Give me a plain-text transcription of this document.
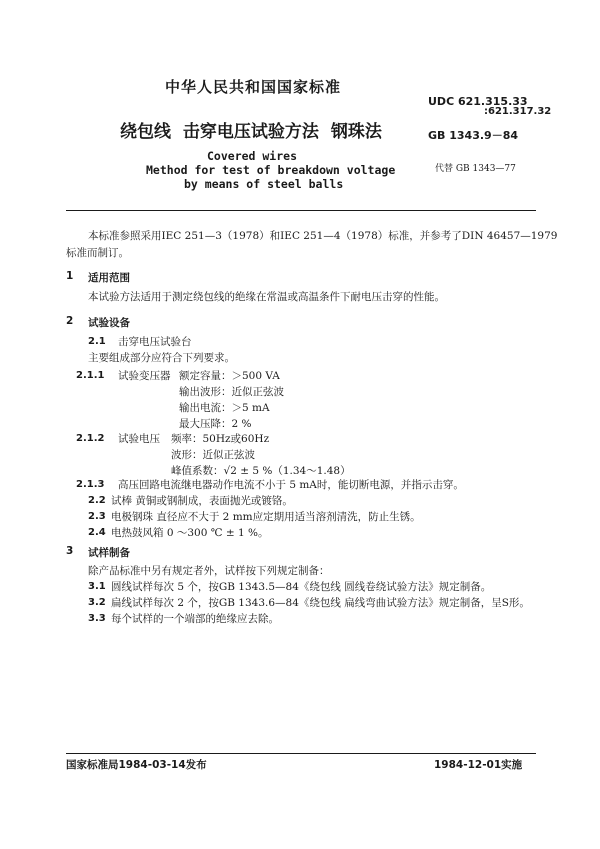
中华人民共和国国家标准
UDC 621.315.33
:621.317.32
绕包线 击穿电压试验方法 钢珠法	GB 1343.9－84
Covered wires
Method for test of breakdown voltage
by means of steel balls
代替 GB 1343—77
本标准参照采用IEC 251—3（1978）和IEC 251—4（1978）标准，并参考了DIN 46457—1979
标准而制订。
1 适用范围
本试验方法适用于测定绕包线的绝缘在常温或高温条件下耐电压击穿的性能。
2 试验设备
2.1 击穿电压试验台
主要组成部分应符合下列要求。
2.1.1 试验变压器 额定容量：＞500 VA
输出波形：近似正弦波
输出电流：＞5 mA
最大压降：2 %
2.1.2 试验电压 频率：50Hz或60Hz
波形：近似正弦波
峰值系数：√2 ± 5 %（1.34～1.48）
2.1.3 高压回路电流继电器动作电流不小于 5 mA时，能切断电源，并指示击穿。
2.2 试棒 黄铜或钢制成，表面抛光或镀铬。
2.3 电极钢珠 直径应不大于 2 mm应定期用适当溶剂清洗，防止生锈。
2.4 电热鼓风箱 0 ～300 ℃ ± 1 %。
3 试样制备
除产品标准中另有规定者外，试样按下列规定制备：
3.1 圆线试样每次 5 个，按GB 1343.5—84《绕包线 圆线卷绕试验方法》规定制备。
3.2 扁线试样每次 2 个，按GB 1343.6—84《绕包线 扁线弯曲试验方法》规定制备，呈S形。
3.3 每个试样的一个端部的绝缘应去除。
国家标准局1984-03-14发布	1984-12-01实施
